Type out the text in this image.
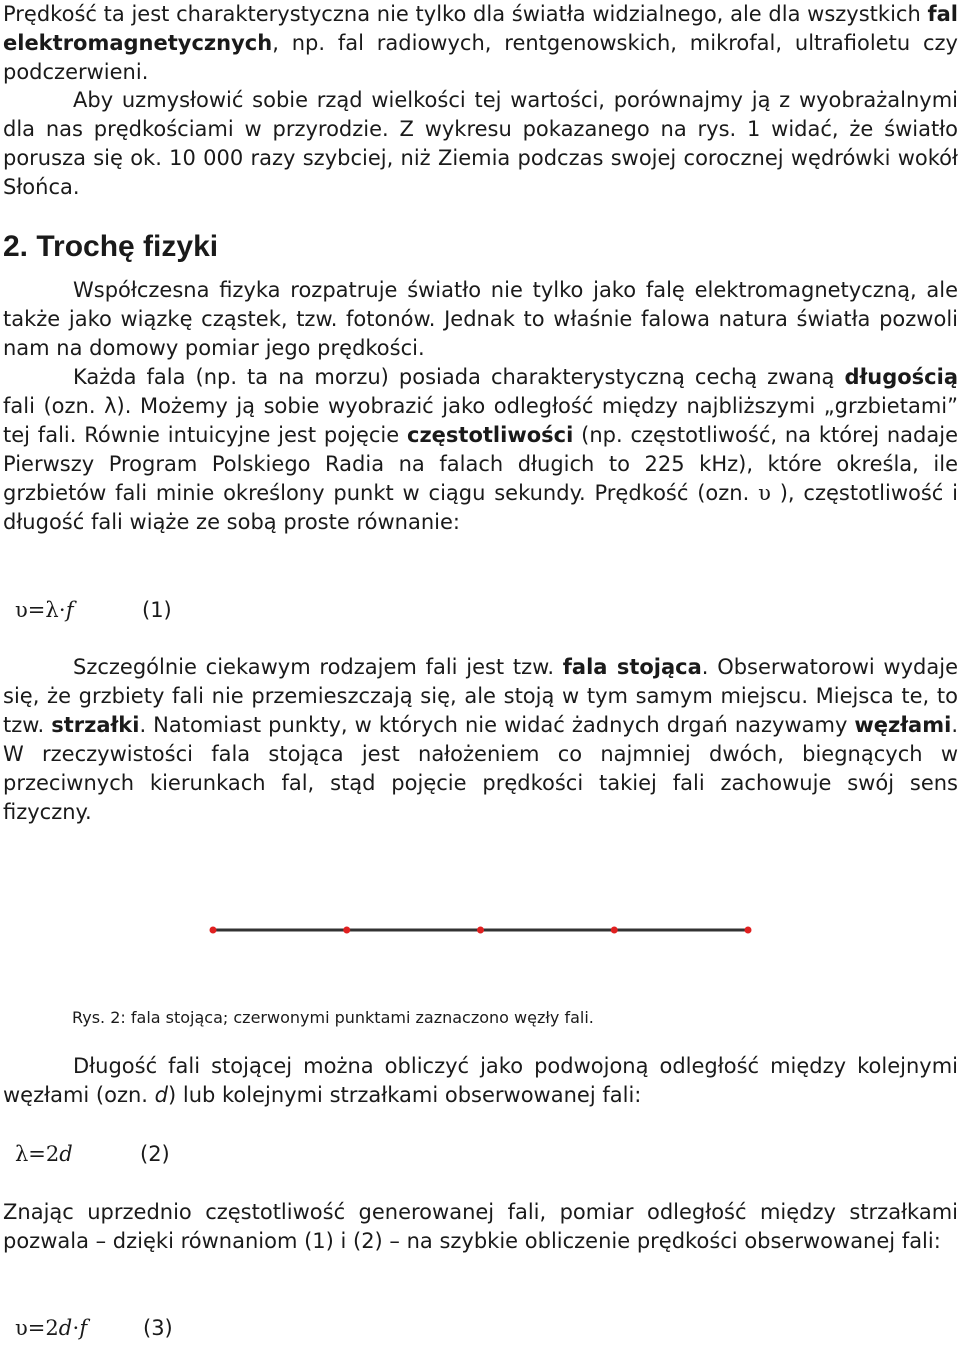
Prędkość ta jest charakterystyczna nie tylko dla światła widzialnego, ale dla wszystkich fal elektromagnetycznych, np. fal radiowych, rentgenowskich, mikrofal, ultrafioletu czy podczerwieni.

Aby uzmysłowić sobie rząd wielkości tej wartości, porównajmy ją z wyobrażalnymi dla nas prędkościami w przyrodzie. Z wykresu pokazanego na rys. 1 widać, że światło porusza się ok. 10 000 razy szybciej, niż Ziemia podczas swojej corocznej wędrówki wokół Słońca.

2. Trochę fizyki

Współczesna fizyka rozpatruje światło nie tylko jako falę elektromagnetyczną, ale także jako wiązkę cząstek, tzw. fotonów. Jednak to właśnie falowa natura światła pozwoli nam na domowy pomiar jego prędkości.

Każda fala (np. ta na morzu) posiada charakterystyczną cechą zwaną długością fali (ozn. λ). Możemy ją sobie wyobrazić jako odległość między najbliższymi „grzbietami” tej fali. Równie intuicyjne jest pojęcie częstotliwości (np. częstotliwość, na której nadaje Pierwszy Program Polskiego Radia na falach długich to 225 kHz), które określa, ile grzbietów fali minie określony punkt w ciągu sekundy. Prędkość (ozn. υ ), częstotliwość i długość fali wiąże ze sobą proste równanie:

υ=λ⋅f	(1)

Szczególnie ciekawym rodzajem fali jest tzw. fala stojąca. Obserwatorowi wydaje się, że grzbiety fali nie przemieszczają się, ale stoją w tym samym miejscu. Miejsca te, to tzw. strzałki. Natomiast punkty, w których nie widać żadnych drgań nazywamy węzłami. W rzeczywistości fala stojąca jest nałożeniem co najmniej dwóch, biegnących w przeciwnych kierunkach fal, stąd pojęcie prędkości takiej fali zachowuje swój sens fizyczny.

Rys. 2: fala stojąca; czerwonymi punktami zaznaczono węzły fali.

Długość fali stojącej można obliczyć jako podwojoną odległość między kolejnymi węzłami (ozn. d) lub kolejnymi strzałkami obserwowanej fali:

λ=2d	(2)

Znając uprzednio częstotliwość generowanej fali, pomiar odległość między strzałkami pozwala – dzięki równaniom (1) i (2) – na szybkie obliczenie prędkości obserwowanej fali:

υ=2d⋅f	(3)
